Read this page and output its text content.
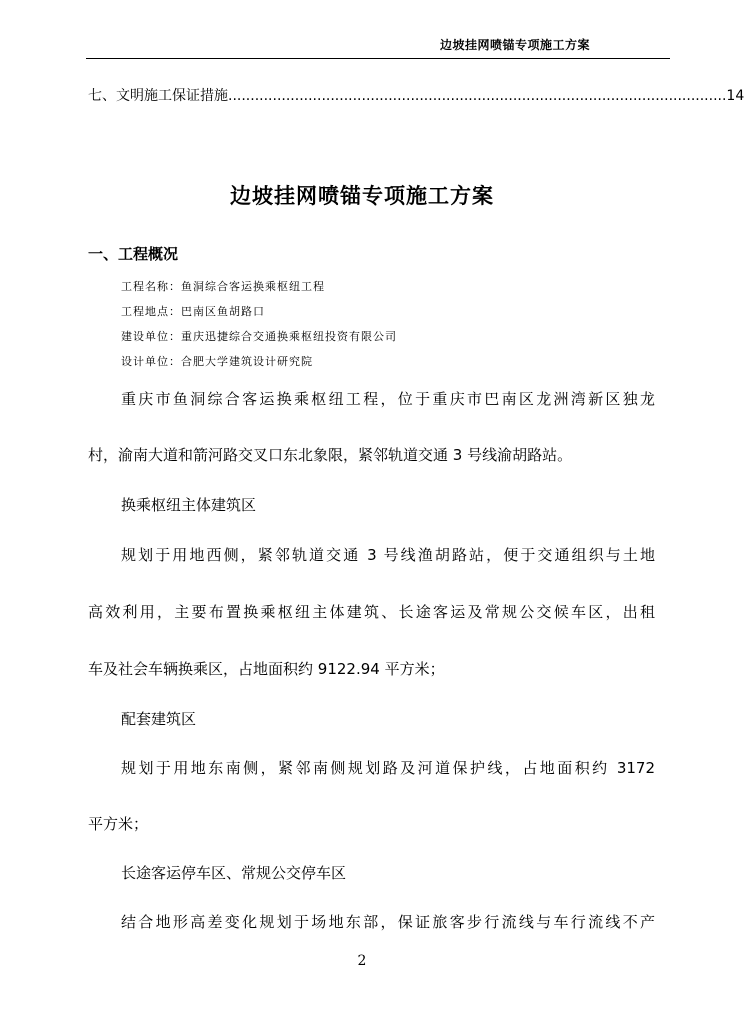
边坡挂网喷锚专项施工方案
七、文明施工保证措施 ................................................................................................................ 14
边坡挂网喷锚专项施工方案
一、工程概况
工程名称：鱼洞综合客运换乘枢纽工程
工程地点：巴南区鱼胡路口
建设单位：重庆迅捷综合交通换乘枢纽投资有限公司
设计单位：合肥大学建筑设计研究院
重庆市鱼洞综合客运换乘枢纽工程，位于重庆市巴南区龙洲湾新区独龙
村，渝南大道和箭河路交叉口东北象限，紧邻轨道交通 3 号线渝胡路站。
换乘枢纽主体建筑区
规划于用地西侧，紧邻轨道交通 3 号线渔胡路站，便于交通组织与土地
高效利用，主要布置换乘枢纽主体建筑、长途客运及常规公交候车区，出租
车及社会车辆换乘区，占地面积约 9122.94 平方米；
配套建筑区
规划于用地东南侧，紧邻南侧规划路及河道保护线，占地面积约 3172
平方米；
长途客运停车区、常规公交停车区
结合地形高差变化规划于场地东部，保证旅客步行流线与车行流线不产
2
